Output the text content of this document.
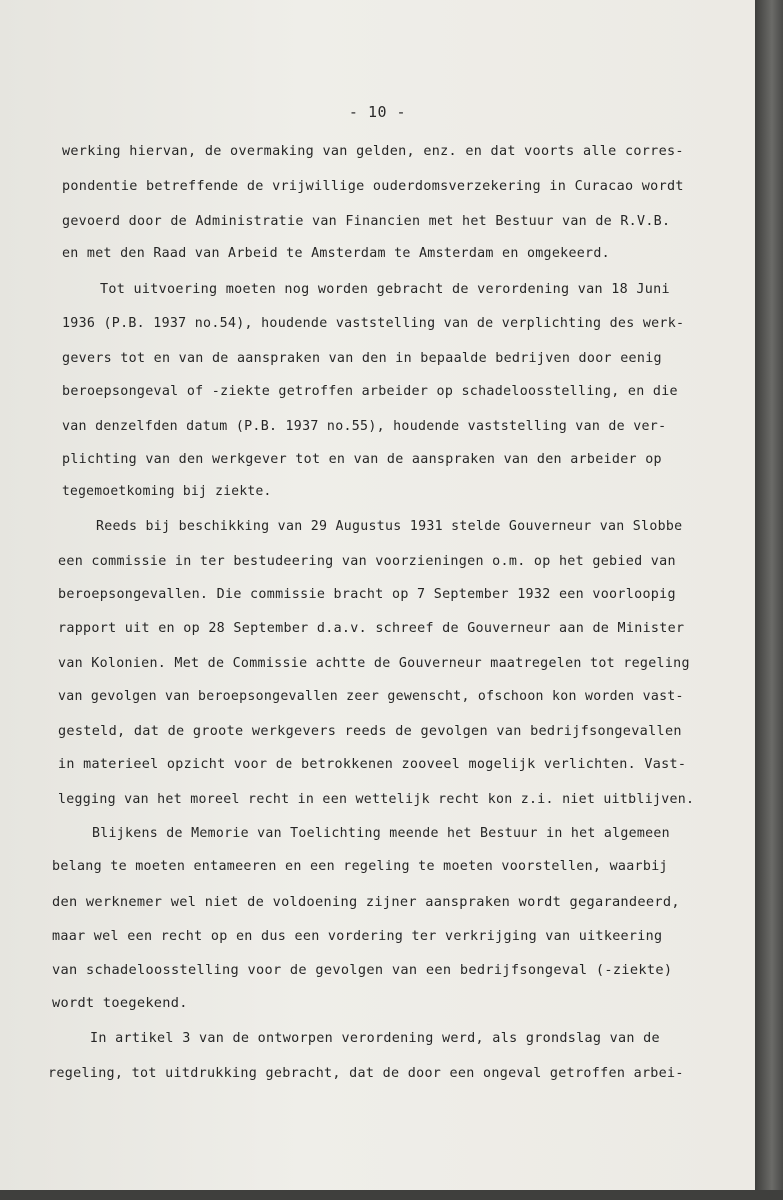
- 10 -
werking hiervan, de overmaking van gelden, enz. en dat voorts alle corres-
pondentie betreffende de vrijwillige ouderdomsverzekering in Curacao wordt
gevoerd door de Administratie van Financien met het Bestuur van de R.V.B.
en met den Raad van Arbeid te Amsterdam te Amsterdam en omgekeerd.
Tot uitvoering moeten nog worden gebracht de verordening van 18 Juni
1936 (P.B. 1937 no.54), houdende vaststelling van de verplichting des werk-
gevers tot en van de aanspraken van den in bepaalde bedrijven door eenig
beroepsongeval of -ziekte getroffen arbeider op schadeloosstelling, en die
van denzelfden datum (P.B. 1937 no.55), houdende vaststelling van de ver-
plichting van den werkgever tot en van de aanspraken van den arbeider op
tegemoetkoming bij ziekte.
Reeds bij beschikking van 29 Augustus 1931 stelde Gouverneur van Slobbe
een commissie in ter bestudeering van voorzieningen o.m. op het gebied van
beroepsongevallen. Die commissie bracht op 7 September 1932 een voorloopig
rapport uit en op 28 September d.a.v. schreef de Gouverneur aan de Minister
van Kolonien. Met de Commissie achtte de Gouverneur maatregelen tot regeling
van gevolgen van beroepsongevallen zeer gewenscht, ofschoon kon worden vast-
gesteld, dat de groote werkgevers reeds de gevolgen van bedrijfsongevallen
in materieel opzicht voor de betrokkenen zooveel mogelijk verlichten. Vast-
legging van het moreel recht in een wettelijk recht kon z.i. niet uitblijven.
Blijkens de Memorie van Toelichting meende het Bestuur in het algemeen
belang te moeten entameeren en een regeling te moeten voorstellen, waarbij
den werknemer wel niet de voldoening zijner aanspraken wordt gegarandeerd,
maar wel een recht op en dus een vordering ter verkrijging van uitkeering
van schadeloosstelling voor de gevolgen van een bedrijfsongeval (-ziekte)
wordt toegekend.
In artikel 3 van de ontworpen verordening werd, als grondslag van de
regeling, tot uitdrukking gebracht, dat de door een ongeval getroffen arbei-
